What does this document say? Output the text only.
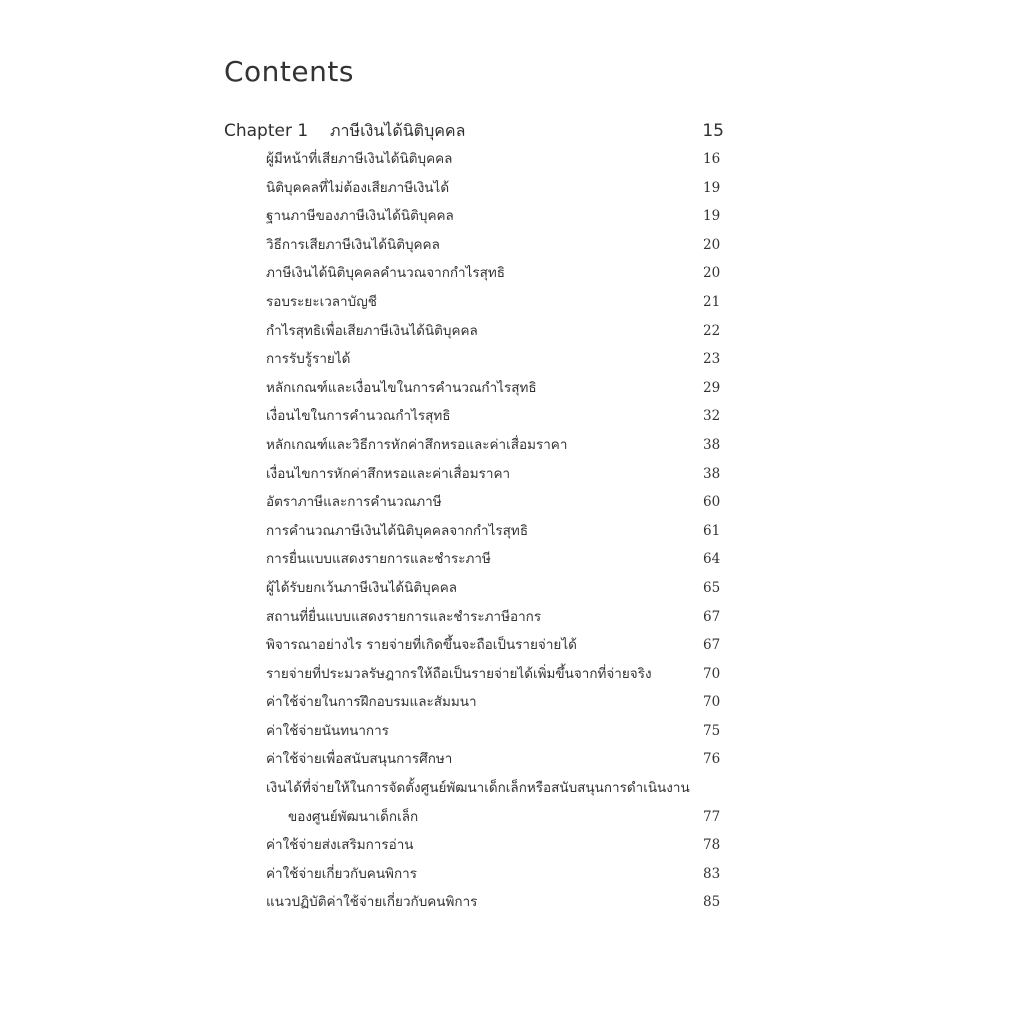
Contents
Chapter 1 ภาษีเงินได้นิติบุคคล	15
ผู้มีหน้าที่เสียภาษีเงินได้นิติบุคคล	16
นิติบุคคลที่ไม่ต้องเสียภาษีเงินได้	19
ฐานภาษีของภาษีเงินได้นิติบุคคล	19
วิธีการเสียภาษีเงินได้นิติบุคคล	20
ภาษีเงินได้นิติบุคคลคำนวณจากกำไรสุทธิ	20
รอบระยะเวลาบัญชี	21
กำไรสุทธิเพื่อเสียภาษีเงินได้นิติบุคคล	22
การรับรู้รายได้	23
หลักเกณฑ์และเงื่อนไขในการคำนวณกำไรสุทธิ	29
เงื่อนไขในการคำนวณกำไรสุทธิ	32
หลักเกณฑ์และวิธีการหักค่าสึกหรอและค่าเสื่อมราคา	38
เงื่อนไขการหักค่าสึกหรอและค่าเสื่อมราคา	38
อัตราภาษีและการคำนวณภาษี	60
การคำนวณภาษีเงินได้นิติบุคคลจากกำไรสุทธิ	61
การยื่นแบบแสดงรายการและชำระภาษี	64
ผู้ได้รับยกเว้นภาษีเงินได้นิติบุคคล	65
สถานที่ยื่นแบบแสดงรายการและชำระภาษีอากร	67
พิจารณาอย่างไร รายจ่ายที่เกิดขึ้นจะถือเป็นรายจ่ายได้	67
รายจ่ายที่ประมวลรัษฎากรให้ถือเป็นรายจ่ายได้เพิ่มขึ้นจากที่จ่ายจริง	70
ค่าใช้จ่ายในการฝึกอบรมและสัมมนา	70
ค่าใช้จ่ายนันทนาการ	75
ค่าใช้จ่ายเพื่อสนับสนุนการศึกษา	76
เงินได้ที่จ่ายให้ในการจัดตั้งศูนย์พัฒนาเด็กเล็กหรือสนับสนุนการดำเนินงาน
ของศูนย์พัฒนาเด็กเล็ก	77
ค่าใช้จ่ายส่งเสริมการอ่าน	78
ค่าใช้จ่ายเกี่ยวกับคนพิการ	83
แนวปฏิบัติค่าใช้จ่ายเกี่ยวกับคนพิการ	85
